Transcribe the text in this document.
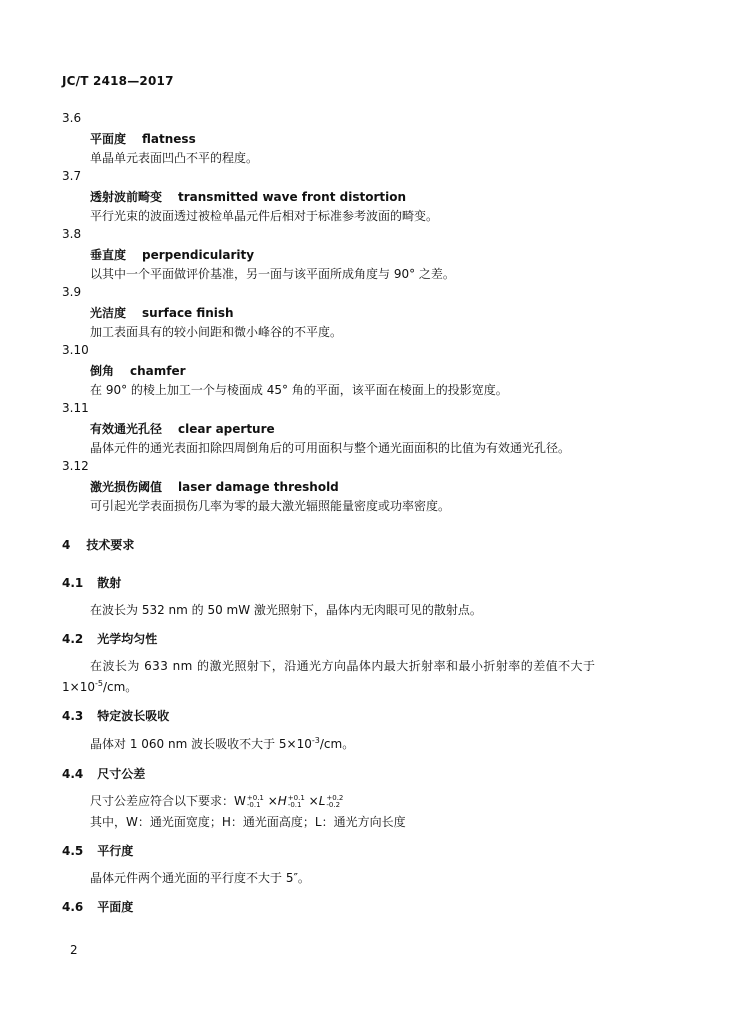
JC/T 2418—2017
3.6
平面度 flatness
单晶单元表面凹凸不平的程度。
3.7
透射波前畸变 transmitted wave front distortion
平行光束的波面透过被检单晶元件后相对于标准参考波面的畸变。
3.8
垂直度 perpendicularity
以其中一个平面做评价基准，另一面与该平面所成角度与 90° 之差。
3.9
光洁度 surface finish
加工表面具有的较小间距和微小峰谷的不平度。
3.10
倒角 chamfer
在 90° 的棱上加工一个与棱面成 45° 角的平面，该平面在棱面上的投影宽度。
3.11
有效通光孔径 clear aperture
晶体元件的通光表面扣除四周倒角后的可用面积与整个通光面面积的比值为有效通光孔径。
3.12
激光损伤阈值 laser damage threshold
可引起光学表面损伤几率为零的最大激光辐照能量密度或功率密度。
4 技术要求
4.1 散射
在波长为 532 nm 的 50 mW 激光照射下，晶体内无肉眼可见的散射点。
4.2 光学均匀性
在波长为 633 nm 的激光照射下，沿通光方向晶体内最大折射率和最小折射率的差值不大于
$1\times 10^{-5}/cm$。
4.3 特定波长吸收
晶体对 1 060 nm 波长吸收不大于 $5\times 10^{-3}/cm$。
4.4 尺寸公差
尺寸公差应符合以下要求：W +0.1
-0.1 ×H +0.1
-0.1 ×L +0.2
-0.2
其中，W：通光面宽度；H：通光面高度；L：通光方向长度
4.5 平行度
晶体元件两个通光面的平行度不大于 5″。
4.6 平面度
2
